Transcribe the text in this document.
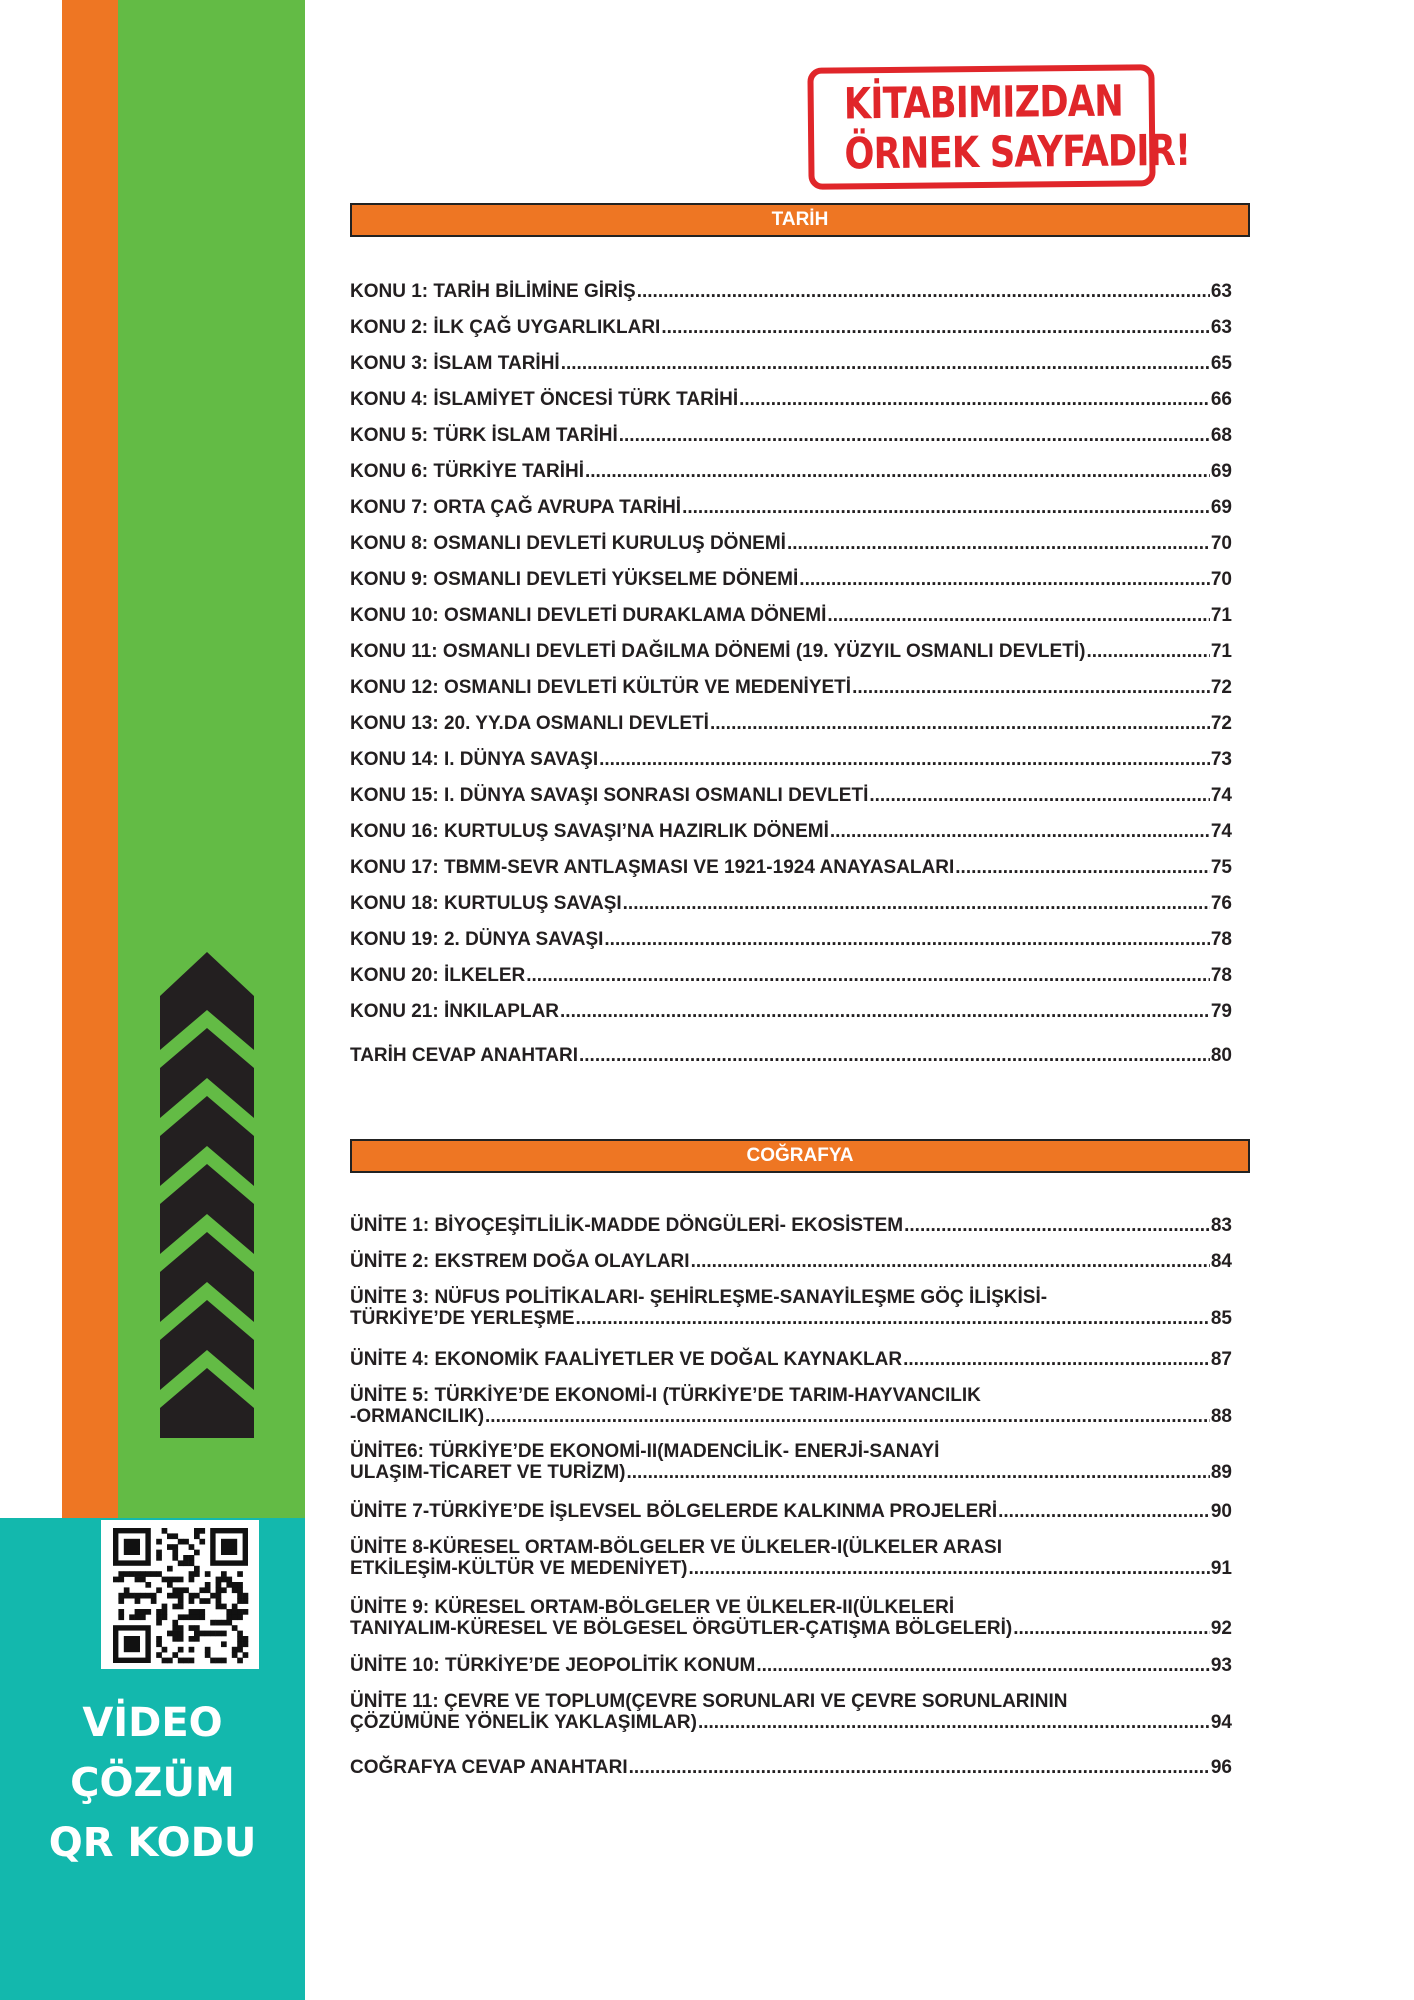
VİDEO
ÇÖZÜM
QR KODU
KİTABIMIZDAN
ÖRNEK SAYFADIR!
TARİH
KONU 1: TARİH BİLİMİNE GİRİŞ .....	63
KONU 2: İLK ÇAĞ UYGARLIKLARI .....	63
KONU 3: İSLAM TARİHİ .....	65
KONU 4: İSLAMİYET ÖNCESİ TÜRK TARİHİ .....	66
KONU 5: TÜRK İSLAM TARİHİ .....	68
KONU 6: TÜRKİYE TARİHİ .....	69
KONU 7: ORTA ÇAĞ AVRUPA TARİHİ .....	69
KONU 8: OSMANLI DEVLETİ KURULUŞ DÖNEMİ .....	70
KONU 9: OSMANLI DEVLETİ YÜKSELME DÖNEMİ .....	70
KONU 10: OSMANLI DEVLETİ DURAKLAMA DÖNEMİ .....	71
KONU 11: OSMANLI DEVLETİ DAĞILMA DÖNEMİ (19. YÜZYIL OSMANLI DEVLETİ) .....	71
KONU 12: OSMANLI DEVLETİ KÜLTÜR VE MEDENİYETİ .....	72
KONU 13: 20. YY.DA OSMANLI DEVLETİ .....	72
KONU 14: I. DÜNYA SAVAŞI .....	73
KONU 15: I. DÜNYA SAVAŞI SONRASI OSMANLI DEVLETİ .....	74
KONU 16: KURTULUŞ SAVAŞI’NA HAZIRLIK DÖNEMİ .....	74
KONU 17: TBMM-SEVR ANTLAŞMASI VE 1921-1924 ANAYASALARI .....	75
KONU 18: KURTULUŞ SAVAŞI .....	76
KONU 19: 2. DÜNYA SAVAŞI .....	78
KONU 20: İLKELER .....	78
KONU 21: İNKILAPLAR .....	79
TARİH CEVAP ANAHTARI .....	80
COĞRAFYA
ÜNİTE 1: BİYOÇEŞİTLİLİK-MADDE DÖNGÜLERİ- EKOSİSTEM .....	83
ÜNİTE 2: EKSTREM DOĞA OLAYLARI .....	84
ÜNİTE 3: NÜFUS POLİTİKALARI- ŞEHİRLEŞME-SANAYİLEŞME GÖÇ İLİŞKİSİ-
TÜRKİYE’DE YERLEŞME .....	85
ÜNİTE 4: EKONOMİK FAALİYETLER VE DOĞAL KAYNAKLAR .....	87
ÜNİTE 5: TÜRKİYE’DE EKONOMİ-I (TÜRKİYE’DE TARIM-HAYVANCILIK
-ORMANCILIK) .....	88
ÜNİTE6: TÜRKİYE’DE EKONOMİ-II(MADENCİLİK- ENERJİ-SANAYİ
ULAŞIM-TİCARET VE TURİZM) .....	89
ÜNİTE 7-TÜRKİYE’DE İŞLEVSEL BÖLGELERDE KALKINMA PROJELERİ .....	90
ÜNİTE 8-KÜRESEL ORTAM-BÖLGELER VE ÜLKELER-I(ÜLKELER ARASI
ETKİLEŞİM-KÜLTÜR VE MEDENİYET) .....	91
ÜNİTE 9: KÜRESEL ORTAM-BÖLGELER VE ÜLKELER-II(ÜLKELERİ
TANIYALIM-KÜRESEL VE BÖLGESEL ÖRGÜTLER-ÇATIŞMA BÖLGELERİ) .....	92
ÜNİTE 10: TÜRKİYE’DE JEOPOLİTİK KONUM .....	93
ÜNİTE 11: ÇEVRE VE TOPLUM(ÇEVRE SORUNLARI VE ÇEVRE SORUNLARININ
ÇÖZÜMÜNE YÖNELİK YAKLAŞIMLAR) .....	94
COĞRAFYA CEVAP ANAHTARI .....	96
